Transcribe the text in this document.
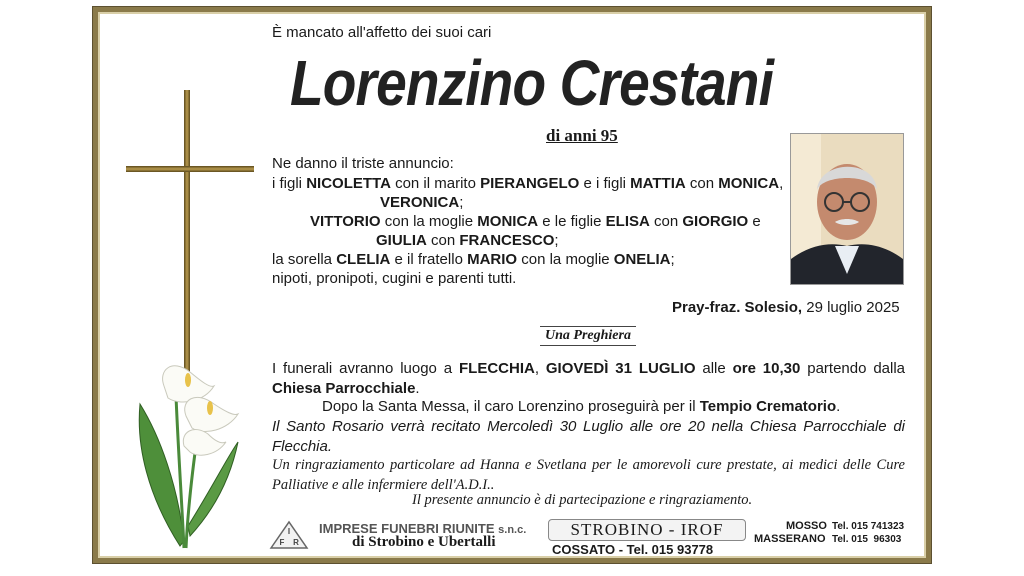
È mancato all'affetto dei suoi cari
Lorenzino Crestani
di anni 95
Ne danno il triste annuncio:
i figli NICOLETTA con il marito PIERANGELO e i figli MATTIA con MONICA,
VERONICA;
VITTORIO con la moglie MONICA e le figlie ELISA con GIORGIO e
GIULIA con FRANCESCO;
la sorella CLELIA e il fratello MARIO con la moglie ONELIA;
nipoti, pronipoti, cugini e parenti tutti.
Pray-fraz. Solesio, 29 luglio 2025
Una Preghiera
I funerali avranno luogo a FLECCHIA, GIOVEDÌ 31 LUGLIO alle ore 10,30 partendo dalla Chiesa Parrocchiale.
Dopo la Santa Messa, il caro Lorenzino proseguirà per il Tempio Crematorio.
Il Santo Rosario verrà recitato Mercoledì 30 Luglio alle ore 20 nella Chiesa Parrocchiale di Flecchia.
Un ringraziamento particolare ad Hanna e Svetlana per le amorevoli cure prestate, ai medici delle Cure Palliative e alle infermiere dell'A.D.I..
Il presente annuncio è di partecipazione e ringraziamento.
I
F R
IMPRESE FUNEBRI RIUNITE s.n.c.
di Strobino e Ubertalli
STROBINO - IROF
COSSATO - Tel. 015 93778
MOSSO Tel. 015 741323
MASSERANO Tel. 015  96303
